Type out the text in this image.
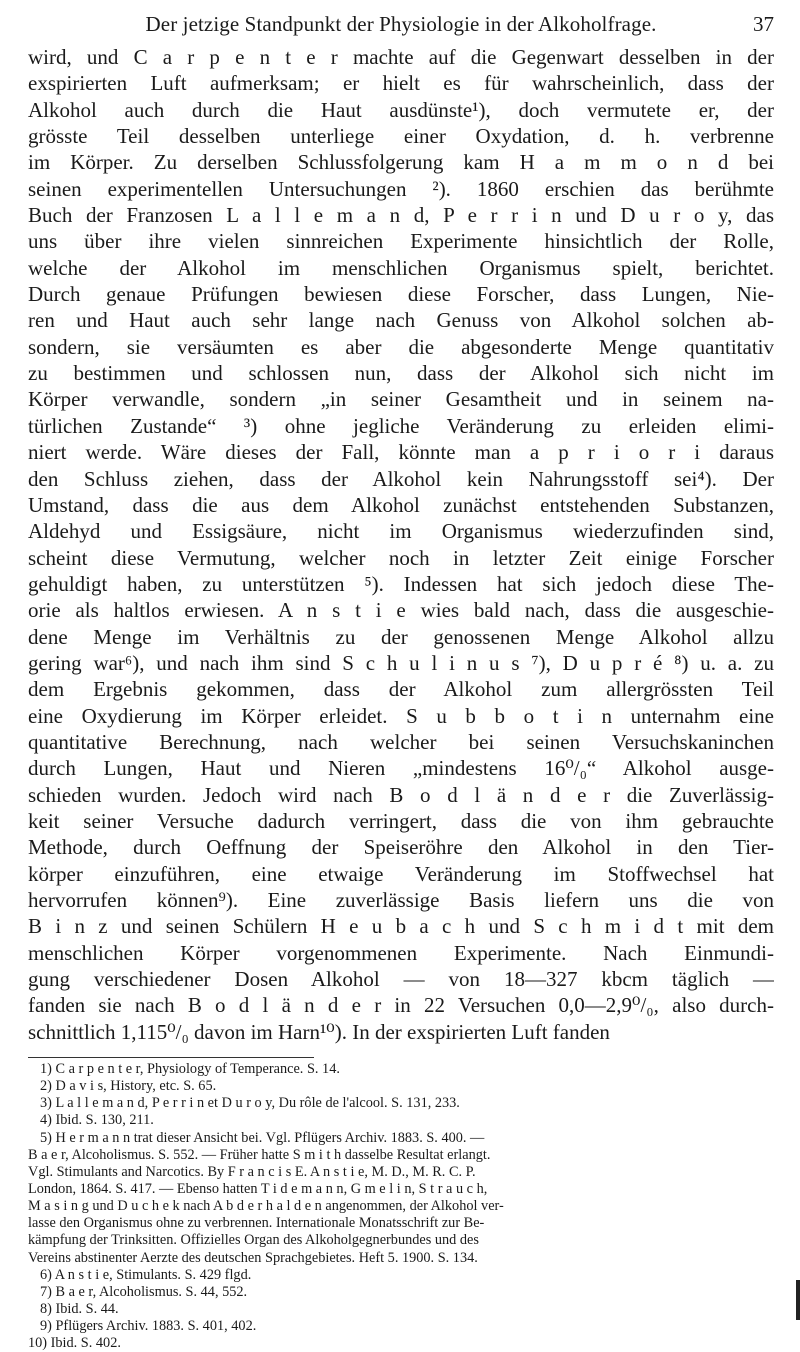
Der jetzige Standpunkt der Physiologie in der Alkoholfrage.	37
wird, und C a r p e n t e r machte auf die Gegenwart desselben in der
exspirierten Luft aufmerksam; er hielt es für wahrscheinlich, dass der
Alkohol auch durch die Haut ausdünste¹), doch vermutete er, der
grösste Teil desselben unterliege einer Oxydation, d. h. verbrenne
im Körper. Zu derselben Schlussfolgerung kam H a m m o n d bei
seinen experimentellen Untersuchungen ²). 1860 erschien das berühmte
Buch der Franzosen L a l l e m a n d, P e r r i n und D u r o y, das
uns über ihre vielen sinnreichen Experimente hinsichtlich der Rolle,
welche der Alkohol im menschlichen Organismus spielt, berichtet.
Durch genaue Prüfungen bewiesen diese Forscher, dass Lungen, Nie-
ren und Haut auch sehr lange nach Genuss von Alkohol solchen ab-
sondern, sie versäumten es aber die abgesonderte Menge quantitativ
zu bestimmen und schlossen nun, dass der Alkohol sich nicht im
Körper verwandle, sondern „in seiner Gesamtheit und in seinem na-
türlichen Zustande“ ³) ohne jegliche Veränderung zu erleiden elimi-
niert werde. Wäre dieses der Fall, könnte man a p r i o r i daraus
den Schluss ziehen, dass der Alkohol kein Nahrungsstoff sei⁴). Der
Umstand, dass die aus dem Alkohol zunächst entstehenden Substanzen,
Aldehyd und Essigsäure, nicht im Organismus wiederzufinden sind,
scheint diese Vermutung, welcher noch in letzter Zeit einige Forscher
gehuldigt haben, zu unterstützen ⁵). Indessen hat sich jedoch diese The-
orie als haltlos erwiesen. A n s t i e wies bald nach, dass die ausgeschie-
dene Menge im Verhältnis zu der genossenen Menge Alkohol allzu
gering war⁶), und nach ihm sind S c h u l i n u s ⁷), D u p r é ⁸) u. a. zu
dem Ergebnis gekommen, dass der Alkohol zum allergrössten Teil
eine Oxydierung im Körper erleidet. S u b b o t i n unternahm eine
quantitative Berechnung, nach welcher bei seinen Versuchskaninchen
durch Lungen, Haut und Nieren „mindestens 16⁰/₀“ Alkohol ausge-
schieden wurden. Jedoch wird nach B o d l ä n d e r die Zuverlässig-
keit seiner Versuche dadurch verringert, dass die von ihm gebrauchte
Methode, durch Oeffnung der Speiseröhre den Alkohol in den Tier-
körper einzuführen, eine etwaige Veränderung im Stoffwechsel hat
hervorrufen können⁹). Eine zuverlässige Basis liefern uns die von
B i n z und seinen Schülern H e u b a c h und S c h m i d t mit dem
menschlichen Körper vorgenommenen Experimente. Nach Einmundi-
gung verschiedener Dosen Alkohol — von 18—327 kbcm täglich —
fanden sie nach B o d l ä n d e r in 22 Versuchen 0,0—2,9⁰/₀, also durch-
schnittlich 1,115⁰/₀ davon im Harn¹⁰). In der exspirierten Luft fanden
1) C a r p e n t e r, Physiology of Temperance. S. 14.
2) D a v i s, History, etc. S. 65.
3) L a l l e m a n d, P e r r i n et D u r o y, Du rôle de l'alcool. S. 131, 233.
4) Ibid. S. 130, 211.
5) H e r m a n n trat dieser Ansicht bei. Vgl. Pflügers Archiv. 1883. S. 400. —
B a e r, Alcoholismus. S. 552. — Früher hatte S m i t h dasselbe Resultat erlangt.
Vgl. Stimulants and Narcotics. By F r a n c i s E. A n s t i e, M. D., M. R. C. P.
London, 1864. S. 417. — Ebenso hatten T i d e m a n n, G m e l i n, S t r a u c h,
M a s i n g und D u c h e k nach A b d e r h a l d e n angenommen, der Alkohol ver-
lasse den Organismus ohne zu verbrennen. Internationale Monatsschrift zur Be-
kämpfung der Trinksitten. Offizielles Organ des Alkoholgegnerbundes und des
Vereins abstinenter Aerzte des deutschen Sprachgebietes. Heft 5. 1900. S. 134.
6) A n s t i e, Stimulants. S. 429 flgd.
7) B a e r, Alcoholismus. S. 44, 552.
8) Ibid. S. 44.
9) Pflügers Archiv. 1883. S. 401, 402.
10) Ibid. S. 402.
